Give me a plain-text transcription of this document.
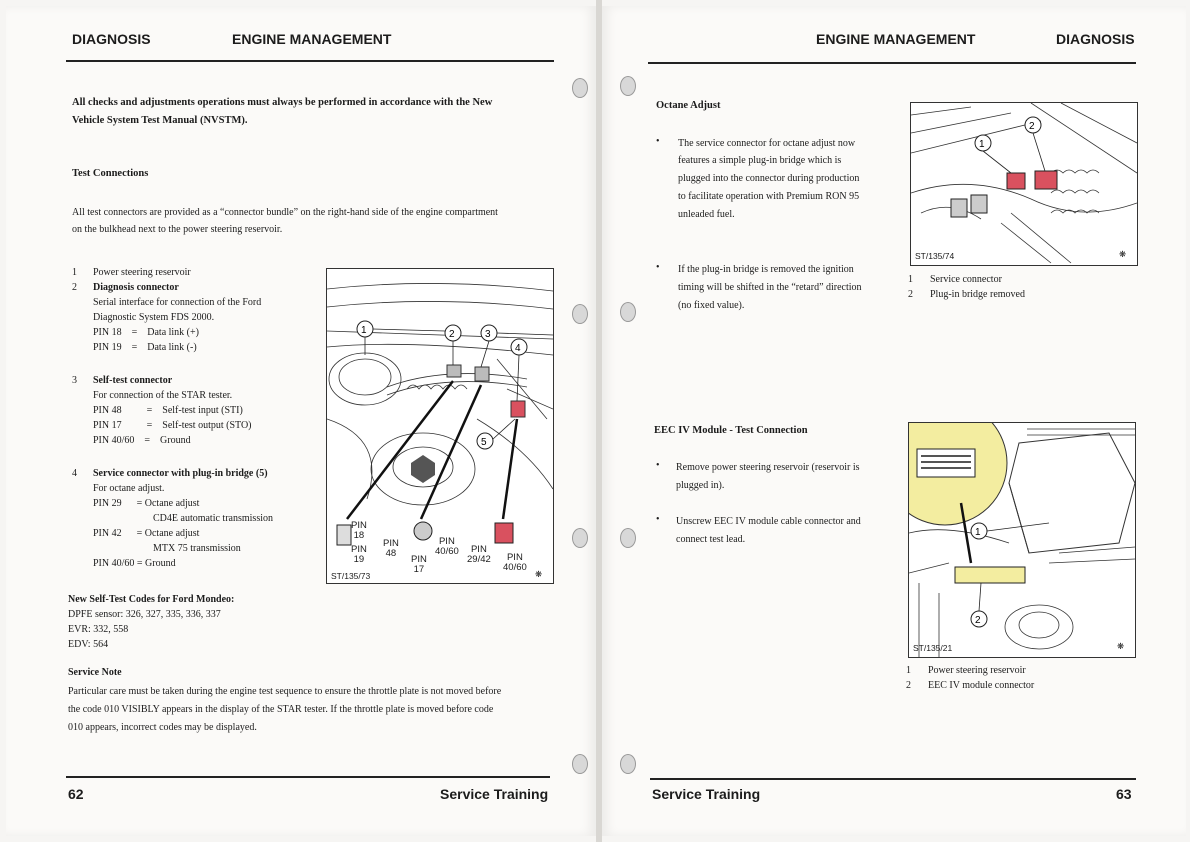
DIAGNOSIS	ENGINE MANAGEMENT
All checks and adjustments operations must always be performed in accordance with the New
Vehicle System Test Manual (NVSTM).
Test Connections
All test connectors are provided as a “connector bundle” on the right-hand side of the engine compartment
on the bulkhead next to the power steering reservoir.
1 Power steering reservoir
2 Diagnosis connector
Serial interface for connection of the Ford
Diagnostic System FDS 2000.
PIN 18    =    Data link (+)
PIN 19    =    Data link (-)
3 Self-test connector
For connection of the STAR tester.
PIN 48          =    Self-test input (STI)
PIN 17          =    Self-test output (STO)
PIN 40/60    =    Ground
4 Service connector with plug-in bridge (5)
For octane adjust.
PIN 29      = Octane adjust
CD4E automatic transmission
PIN 42      = Octane adjust
MTX 75 transmission
PIN 40/60 = Ground
1	2	3
4
5
PIN
18
PIN
19
PIN
48
PIN
17
PIN
40/60	PIN
29/42	PIN
40/60
ST/135/73	❋
New Self-Test Codes for Ford Mondeo:
DPFE sensor: 326, 327, 335, 336, 337
EVR: 332, 558
EDV: 564
Service Note
Particular care must be taken during the engine test sequence to ensure the throttle plate is not moved before
the code 010 VISIBLY appears in the display of the STAR tester. If the throttle plate is moved before code
010 appears, incorrect codes may be displayed.
62	Service Training
ENGINE MANAGEMENT	DIAGNOSIS
Octane Adjust
• The service connector for octane adjust now
features a simple plug-in bridge which is
plugged into the connector during production
to facilitate operation with Premium RON 95
unleaded fuel.
• If the plug-in bridge is removed the ignition
timing will be shifted in the “retard” direction
(no fixed value).
1
2
ST/135/74	❋
1 Service connector
2 Plug-in bridge removed
EEC IV Module - Test Connection
• Remove power steering reservoir (reservoir is
plugged in).
• Unscrew EEC IV module cable connector and
connect test lead.
1
2
ST/135/21	❋
1 Power steering reservoir
2 EEC IV module connector
Service Training	63
